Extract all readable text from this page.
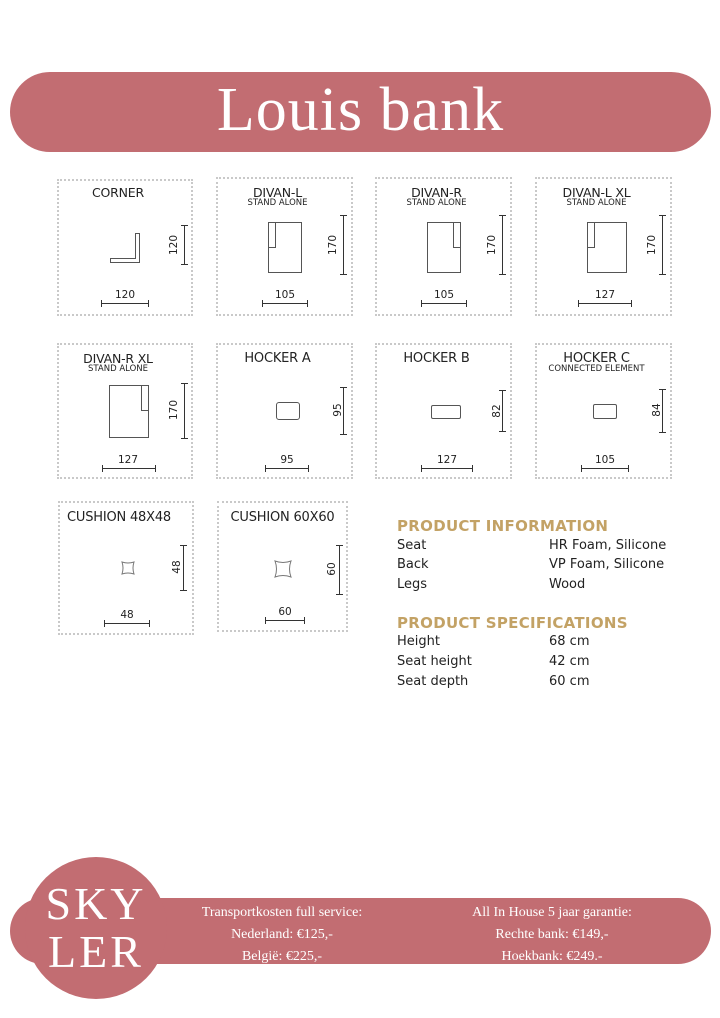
Louis bank
CORNER
120
120
DIVAN-L
STAND ALONE
170
105
DIVAN-R
STAND ALONE
170
105
DIVAN-L XL
STAND ALONE
170
127
DIVAN-R XL
STAND ALONE
170
127
HOCKER A
95
95
HOCKER B
82
127
HOCKER C
CONNECTED ELEMENT
84
105
CUSHION 48X48
48
48
CUSHION 60X60
60
60
PRODUCT INFORMATION
Seat	HR Foam, Silicone
Back	VP Foam, Silicone
Legs	Wood
PRODUCT SPECIFICATIONS
Height	68 cm
Seat height	42 cm
Seat depth	60 cm
SKY
LER
Transportkosten full service:
Nederland: €125,-
België: €225,-
All In House 5 jaar garantie:
Rechte bank: €149,-
Hoekbank: €249.-
